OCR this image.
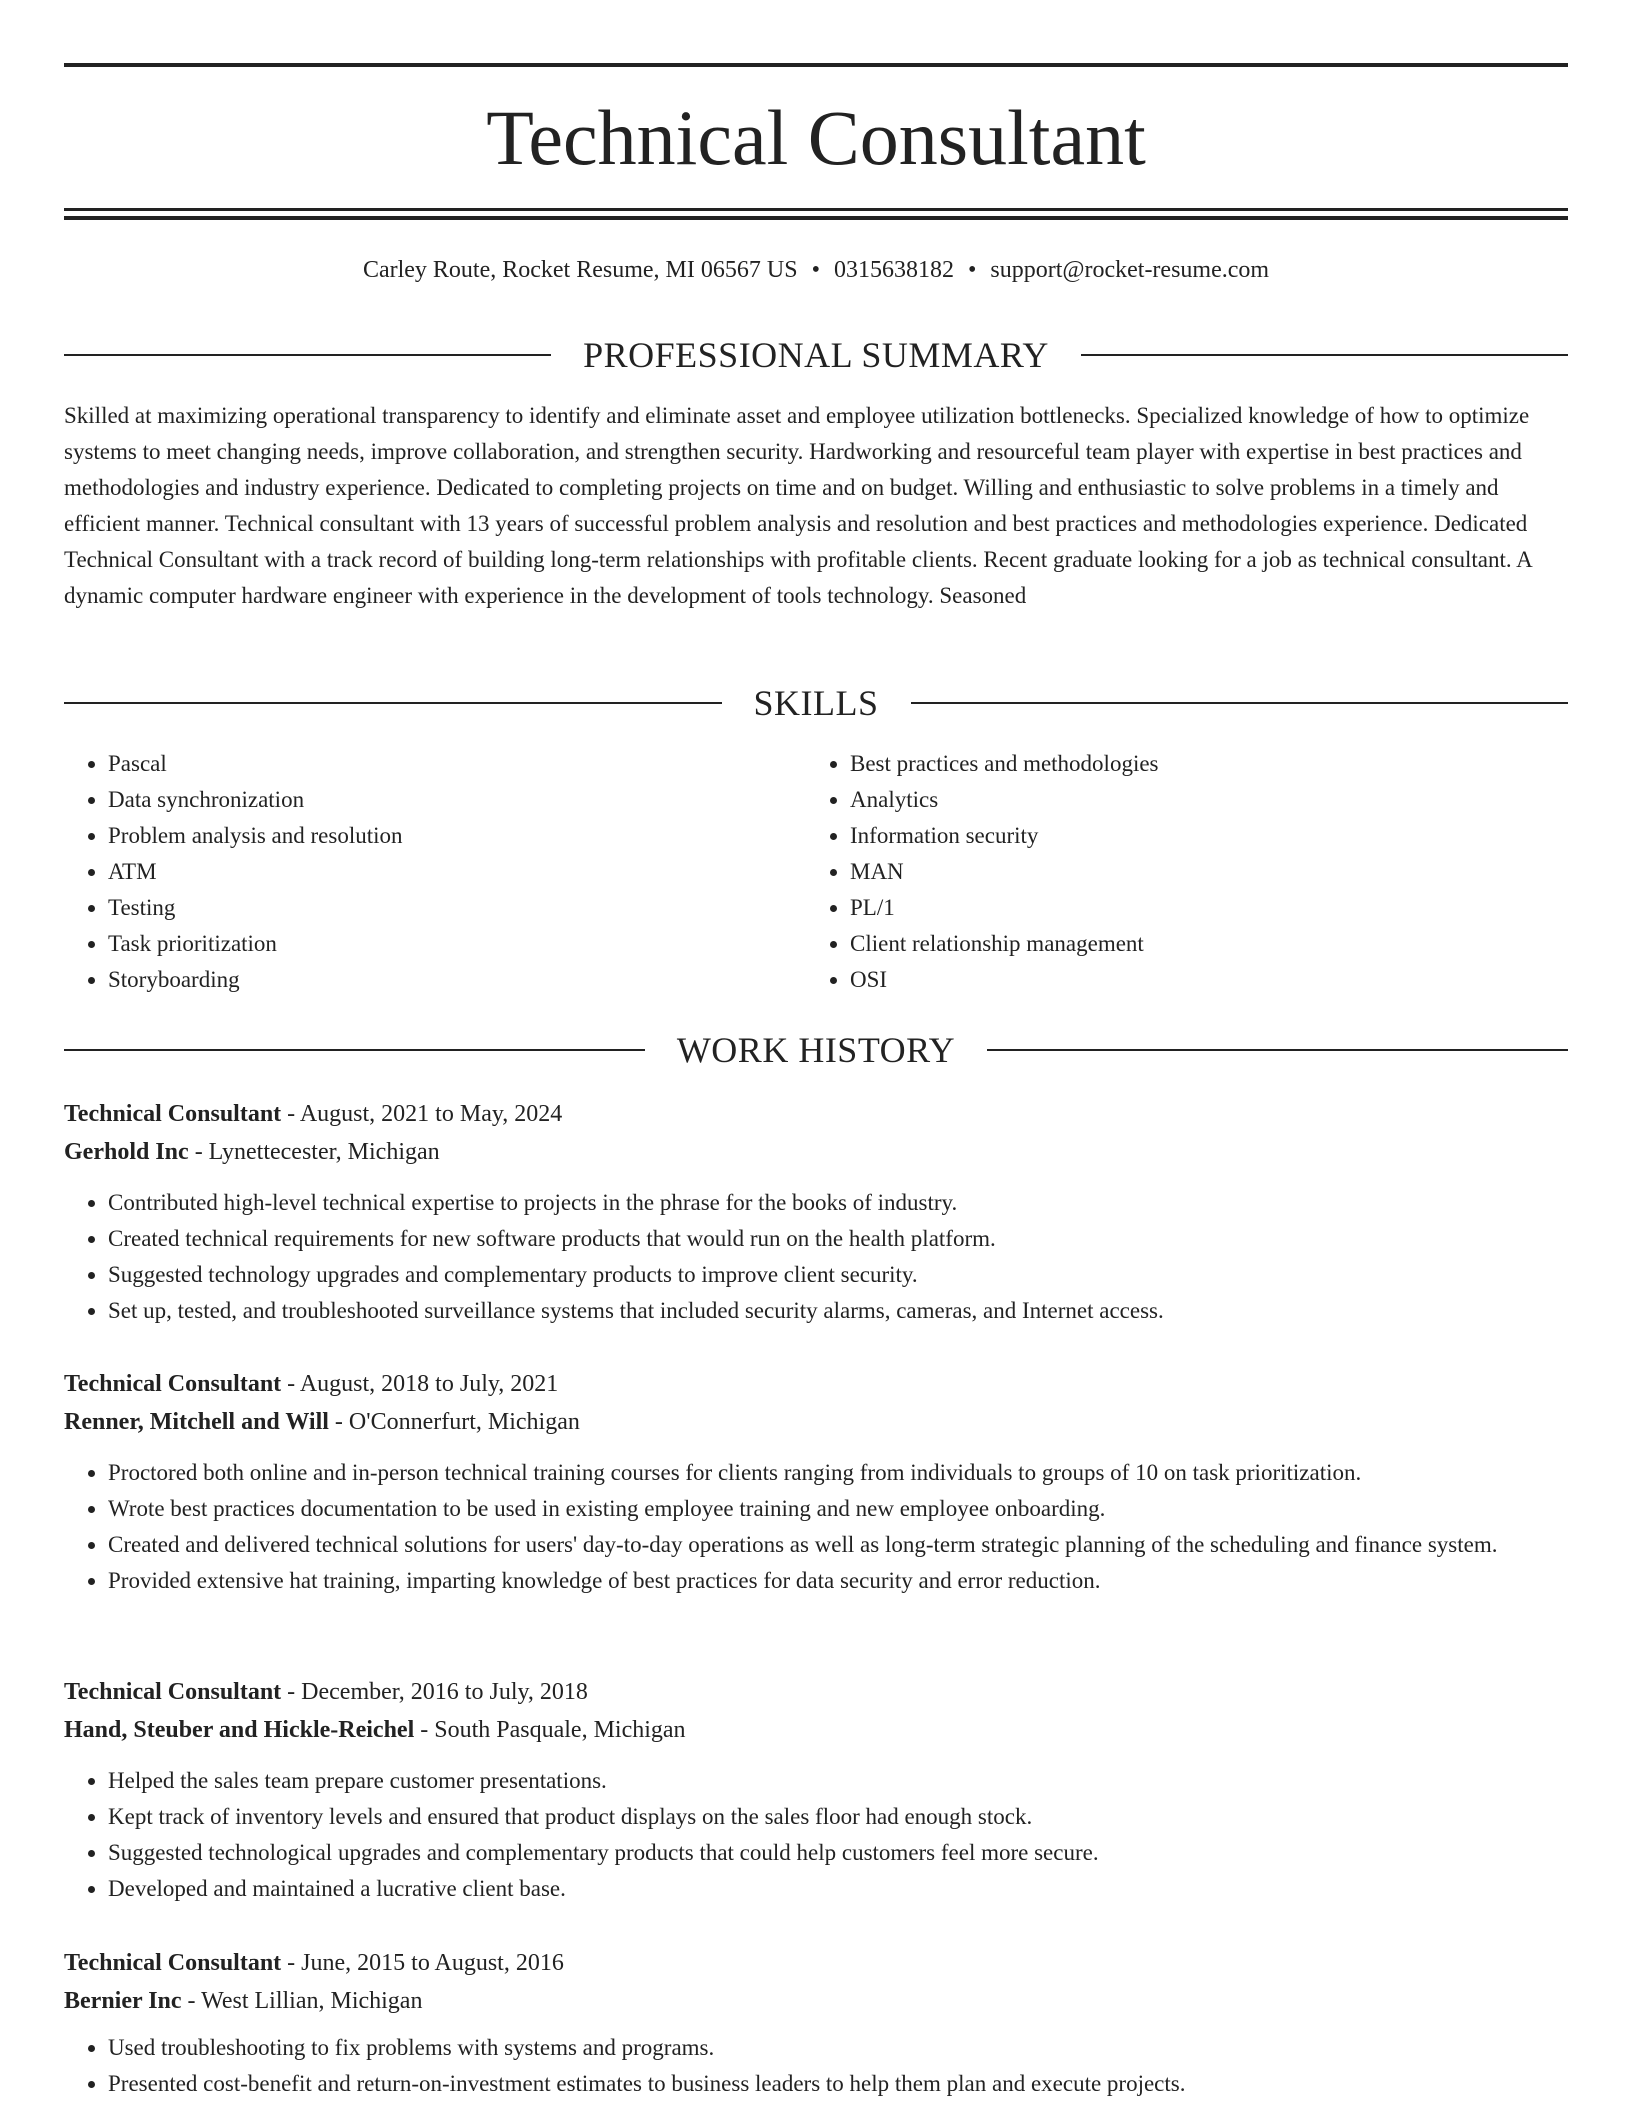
Technical Consultant
Carley Route, Rocket Resume, MI 06567 US • 0315638182 • support@rocket-resume.com
PROFESSIONAL SUMMARY
Skilled at maximizing operational transparency to identify and eliminate asset and employee utilization bottlenecks. Specialized knowledge of how to optimize systems to meet changing needs, improve collaboration, and strengthen security. Hardworking and resourceful team player with expertise in best practices and methodologies and industry experience. Dedicated to completing projects on time and on budget. Willing and enthusiastic to solve problems in a timely and efficient manner. Technical consultant with 13 years of successful problem analysis and resolution and best practices and methodologies experience. Dedicated Technical Consultant with a track record of building long-term relationships with profitable clients. Recent graduate looking for a job as technical consultant. A dynamic computer hardware engineer with experience in the development of tools technology. Seasoned
SKILLS
• Pascal
• Data synchronization
• Problem analysis and resolution
• ATM
• Testing
• Task prioritization
• Storyboarding
• Best practices and methodologies
• Analytics
• Information security
• MAN
• PL/1
• Client relationship management
• OSI
WORK HISTORY
Technical Consultant - August, 2021 to May, 2024
Gerhold Inc - Lynettecester, Michigan
• Contributed high-level technical expertise to projects in the phrase for the books of industry.
• Created technical requirements for new software products that would run on the health platform.
• Suggested technology upgrades and complementary products to improve client security.
• Set up, tested, and troubleshooted surveillance systems that included security alarms, cameras, and Internet access.
Technical Consultant - August, 2018 to July, 2021
Renner, Mitchell and Will - O'Connerfurt, Michigan
• Proctored both online and in-person technical training courses for clients ranging from individuals to groups of 10 on task prioritization.
• Wrote best practices documentation to be used in existing employee training and new employee onboarding.
• Created and delivered technical solutions for users' day-to-day operations as well as long-term strategic planning of the scheduling and finance system.
• Provided extensive hat training, imparting knowledge of best practices for data security and error reduction.
Technical Consultant - December, 2016 to July, 2018
Hand, Steuber and Hickle-Reichel - South Pasquale, Michigan
• Helped the sales team prepare customer presentations.
• Kept track of inventory levels and ensured that product displays on the sales floor had enough stock.
• Suggested technological upgrades and complementary products that could help customers feel more secure.
• Developed and maintained a lucrative client base.
Technical Consultant - June, 2015 to August, 2016
Bernier Inc - West Lillian, Michigan
• Used troubleshooting to fix problems with systems and programs.
• Presented cost-benefit and return-on-investment estimates to business leaders to help them plan and execute projects.
